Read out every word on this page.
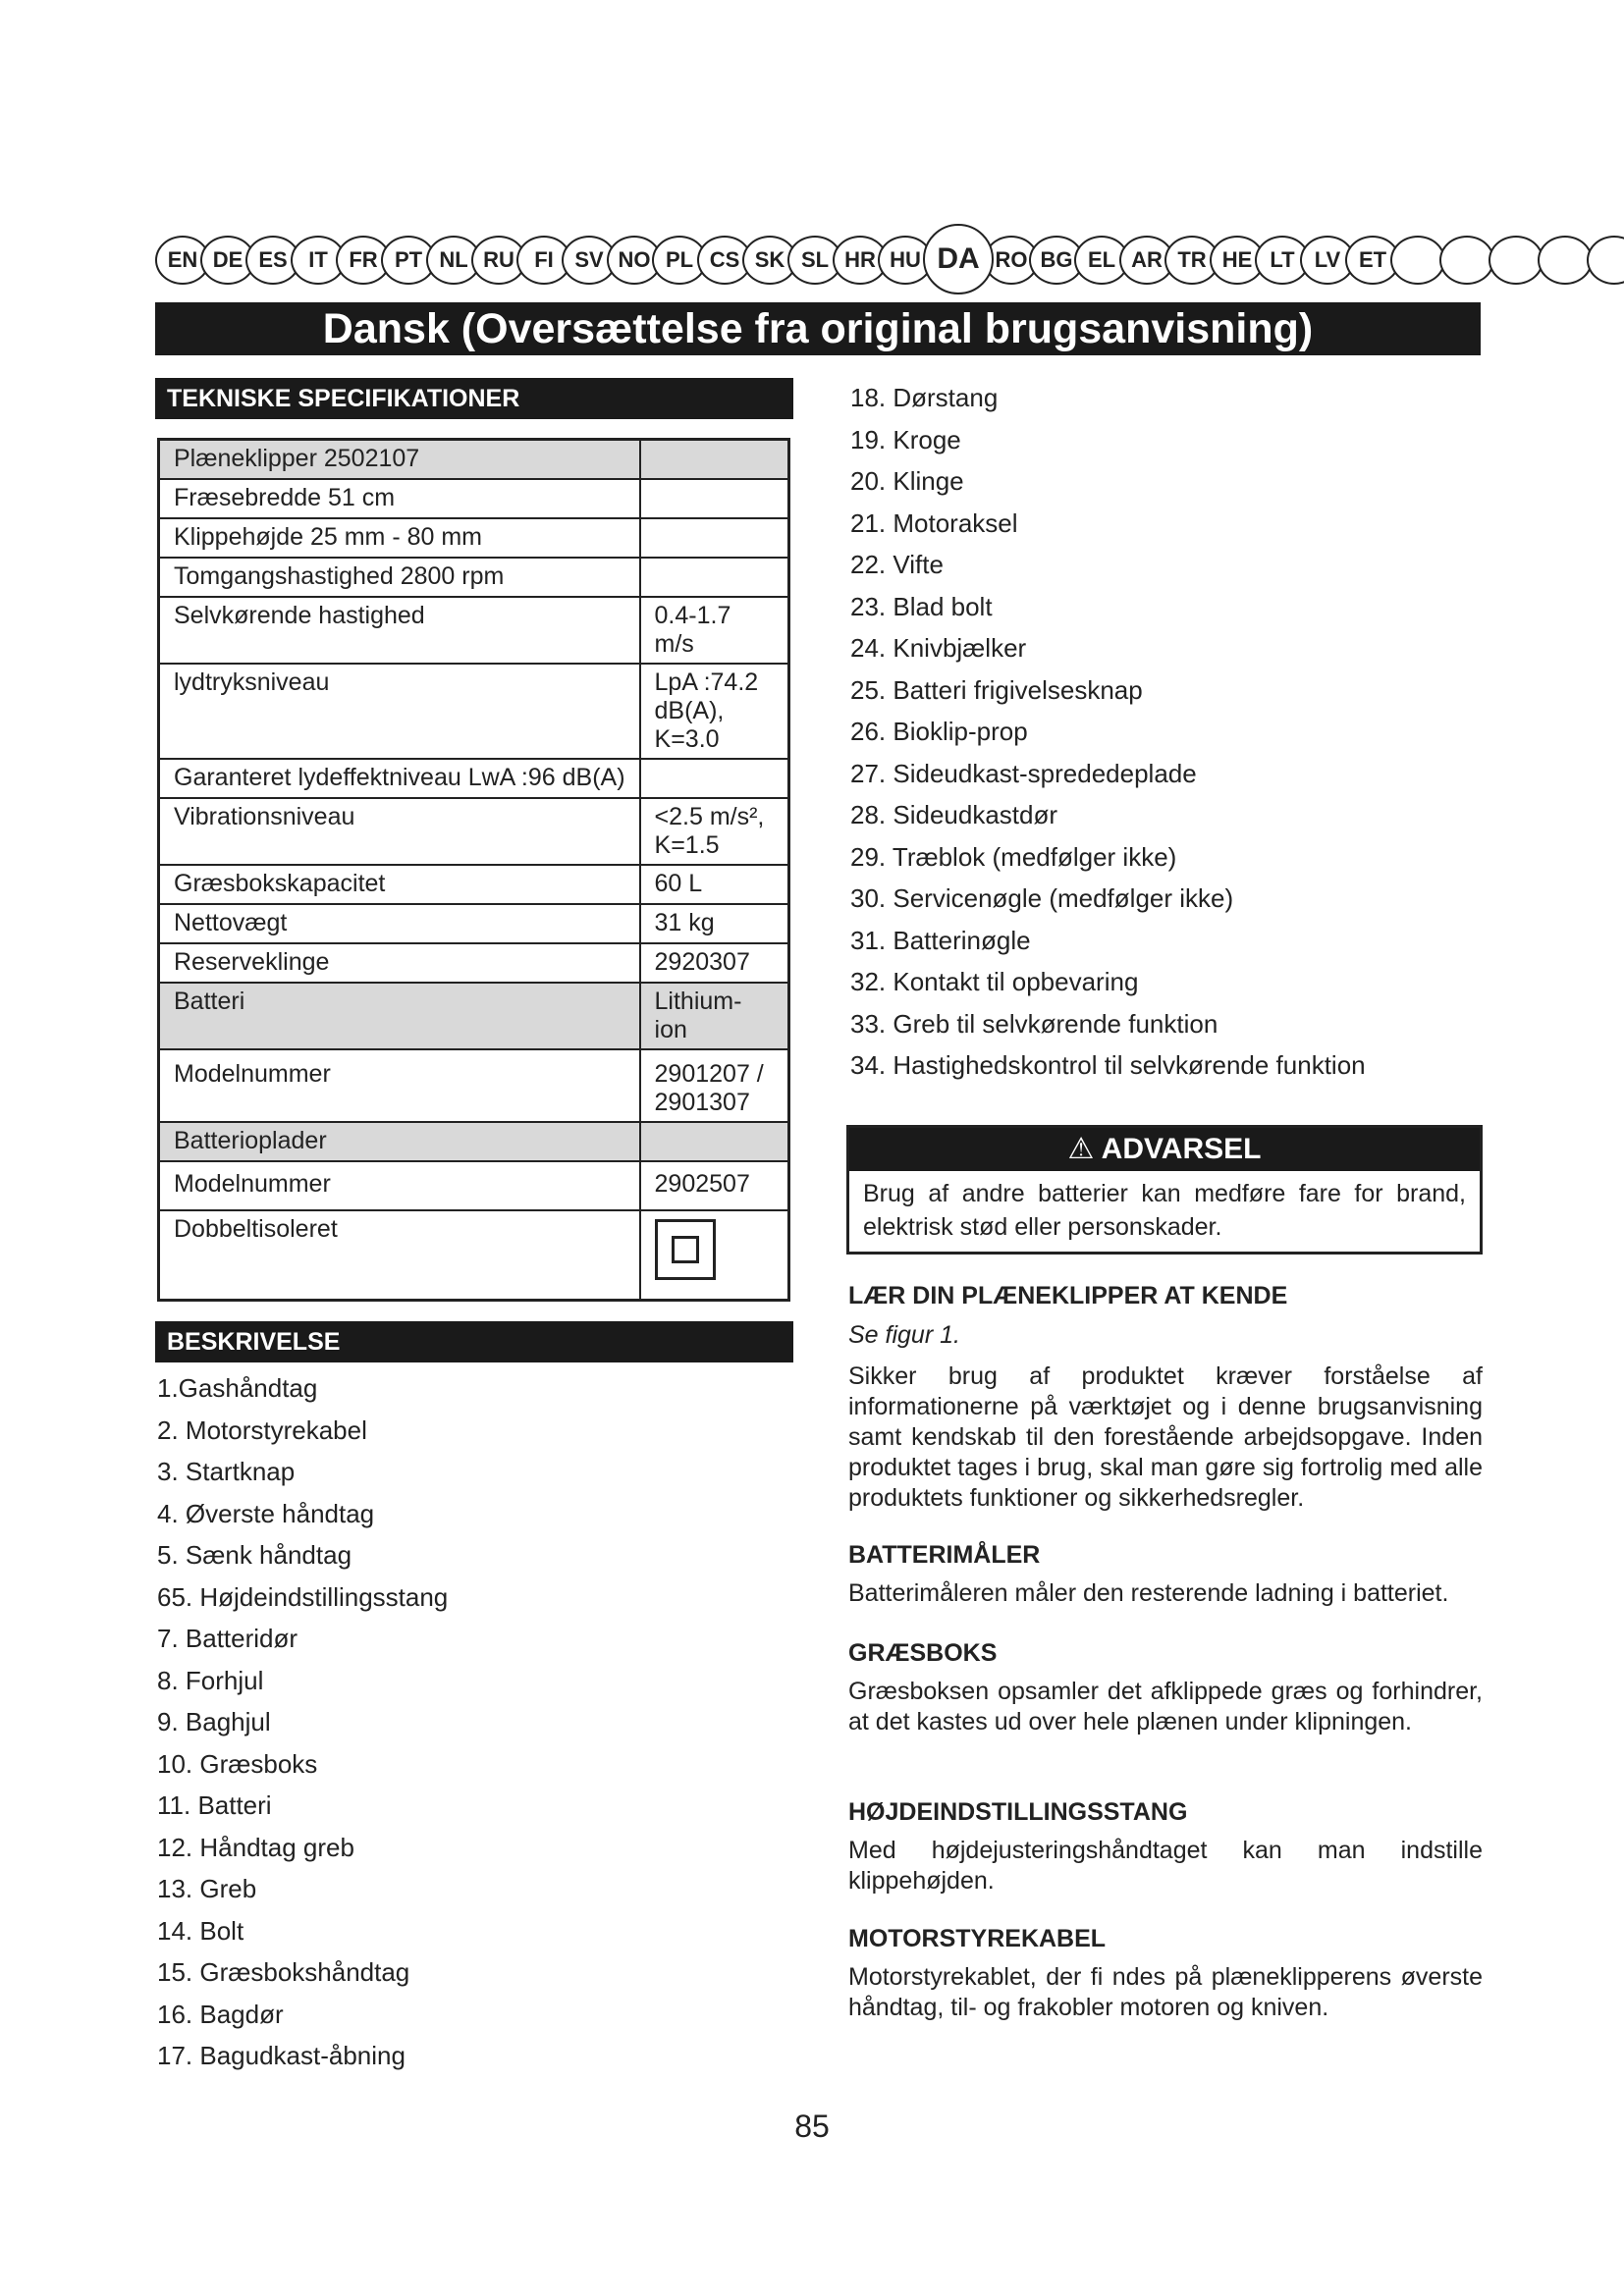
EN DE ES IT FR PT NL RU FI SV NO PL CS SK SL HR HU DA RO BG EL AR TR HE LT LV ET
Dansk (Oversættelse fra original brugsanvisning)
TEKNISKE SPECIFIKATIONER
Plæneklipper 2502107	
Fræsebredde 51 cm	
Klippehøjde 25 mm - 80 mm	
Tomgangshastighed 2800 rpm	
Selvkørende hastighed	0.4-1.7 m/s
lydtryksniveau	LpA :74.2 dB(A), K=3.0
Garanteret lydeffektniveau LwA :96 dB(A)	
Vibrationsniveau	<2.5 m/s², K=1.5
Græsbokskapacitet	60 L
Nettovægt	31 kg
Reserveklinge	2920307
Batteri	Lithium-ion
Modelnummer	2901207 / 2901307
Batterioplader	
Modelnummer	2902507
Dobbeltisoleret	
BESKRIVELSE
1.Gashåndtag
2. Motorstyrekabel
3. Startknap
4. Øverste håndtag
5. Sænk håndtag
65. Højdeindstillingsstang
7. Batteridør
8. Forhjul
9. Baghjul
10. Græsboks
11. Batteri
12. Håndtag greb
13. Greb
14. Bolt
15. Græsbokshåndtag
16. Bagdør
17. Bagudkast-åbning
18. Dørstang
19. Kroge
20. Klinge
21. Motoraksel
22. Vifte
23. Blad bolt
24. Knivbjælker
25. Batteri frigivelsesknap
26. Bioklip-prop
27. Sideudkast-sprededeplade
28. Sideudkastdør
29. Træblok (medfølger ikke)
30. Servicenøgle (medfølger ikke)
31. Batterinøgle
32. Kontakt til opbevaring
33. Greb til selvkørende funktion
34. Hastighedskontrol til selvkørende funktion
⚠ ADVARSEL
Brug af andre batterier kan medføre fare for brand, elektrisk stød eller personskader.
LÆR DIN PLÆNEKLIPPER AT KENDE
Se figur 1.
Sikker brug af produktet kræver forståelse af informationerne på værktøjet og i denne brugsanvisning samt kendskab til den forestående arbejdsopgave. Inden produktet tages i brug, skal man gøre sig fortrolig med alle produktets funktioner og sikkerhedsregler.
BATTERIMÅLER
Batterimåleren måler den resterende ladning i batteriet.
GRÆSBOKS
Græsboksen opsamler det afklippede græs og forhindrer, at det kastes ud over hele plænen under klipningen.
HØJDEINDSTILLINGSSTANG
Med højdejusteringshåndtaget kan man indstille klippehøjden.
MOTORSTYREKABEL
Motorstyrekablet, der fi ndes på plæneklipperens øverste håndtag, til- og frakobler motoren og kniven.
85
